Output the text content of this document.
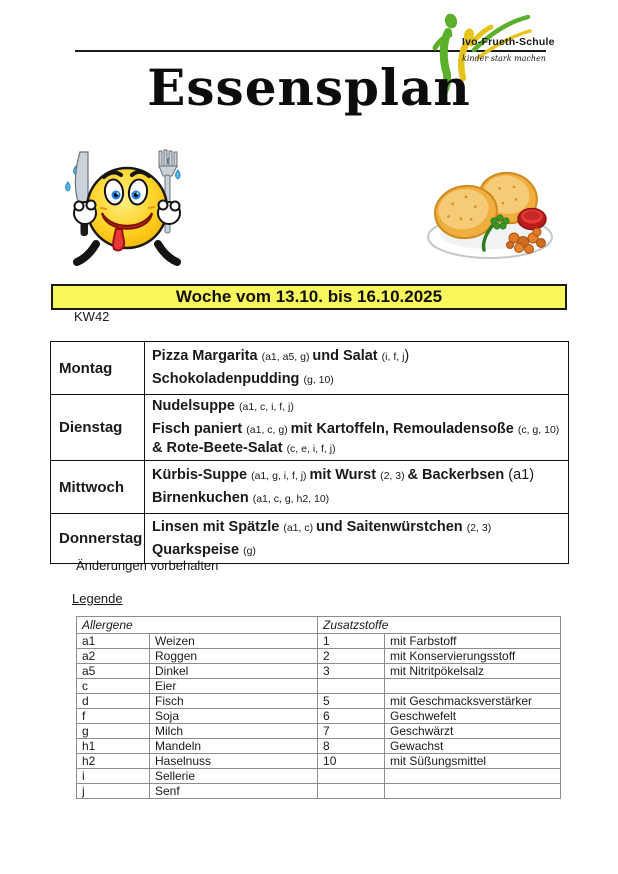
Ivo-Frueth-Schule
kinder stark machen
Essensplan
Woche vom 13.10. bis 16.10.2025
KW42
Montag	Pizza Margarita (a1, a5, g) und Salat (i, f, j)
Schokoladenpudding (g, 10)

Dienstag	Nudelsuppe (a1, c, i, f, j)
Fisch paniert (a1, c, g) mit Kartoffeln, Remouladensoße (c, g, 10) & Rote-Beete-Salat (c, e, i, f, j)

Mittwoch	Kürbis-Suppe (a1, g, i, f, j) mit Wurst (2, 3) & Backerbsen (a1)
Birnenkuchen (a1, c, g, h2, 10)

Donnerstag	Linsen mit Spätzle (a1, c) und Saitenwürstchen (2, 3)
Quarkspeise (g)
Änderungen vorbehalten
Legende
Allergene		Zusatzstoffe	
a1	Weizen	1	mit Farbstoff
a2	Roggen	2	mit Konservierungsstoff
a5	Dinkel	3	mit Nitritpökelsalz
c	Eier		
d	Fisch	5	mit Geschmacksverstärker
f	Soja	6	Geschwefelt
g	Milch	7	Geschwärzt
h1	Mandeln	8	Gewachst
h2	Haselnuss	10	mit Süßungsmittel
i	Sellerie		
j	Senf		
